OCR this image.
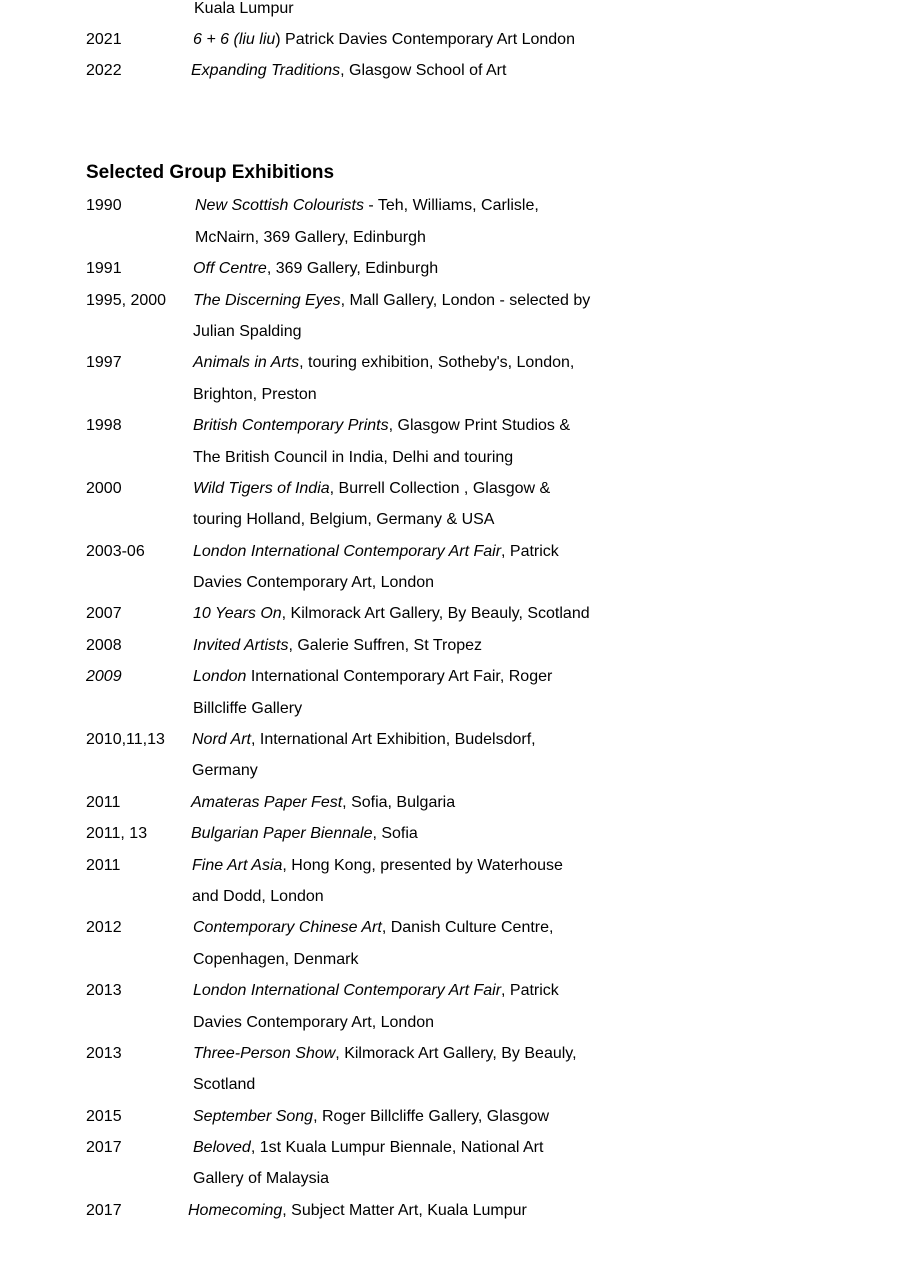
Selected Group Exhibitions
Kuala Lumpur
2021	6 + 6 (liu liu) Patrick Davies Contemporary Art London
2022	Expanding Traditions, Glasgow School of Art
1990	New Scottish Colourists - Teh, Williams, Carlisle,
McNairn, 369 Gallery, Edinburgh
1991	Off Centre, 369 Gallery, Edinburgh
1995, 2000 The Discerning Eyes, Mall Gallery, London - selected by
Julian Spalding
1997	Animals in Arts, touring exhibition, Sotheby's, London,
Brighton, Preston
1998	British Contemporary Prints, Glasgow Print Studios &
The British Council in India, Delhi and touring
2000	Wild Tigers of India, Burrell Collection , Glasgow &
touring Holland, Belgium, Germany & USA
2003-06	London International Contemporary Art Fair, Patrick
Davies Contemporary Art, London
2007	10 Years On, Kilmorack Art Gallery, By Beauly, Scotland
2008	Invited Artists, Galerie Suffren, St Tropez
2009	London International Contemporary Art Fair, Roger
Billcliffe Gallery
2010,11,13 Nord Art, International Art Exhibition, Budelsdorf,
Germany
2011	Amateras Paper Fest, Sofia, Bulgaria
2011, 13	Bulgarian Paper Biennale, Sofia
2011	Fine Art Asia, Hong Kong, presented by Waterhouse
and Dodd, London
2012	Contemporary Chinese Art, Danish Culture Centre,
Copenhagen, Denmark
2013	London International Contemporary Art Fair, Patrick
Davies Contemporary Art, London
2013	Three-Person Show, Kilmorack Art Gallery, By Beauly,
Scotland
2015	September Song, Roger Billcliffe Gallery, Glasgow
2017	Beloved, 1st Kuala Lumpur Biennale, National Art
Gallery of Malaysia
2017	Homecoming, Subject Matter Art, Kuala Lumpur
